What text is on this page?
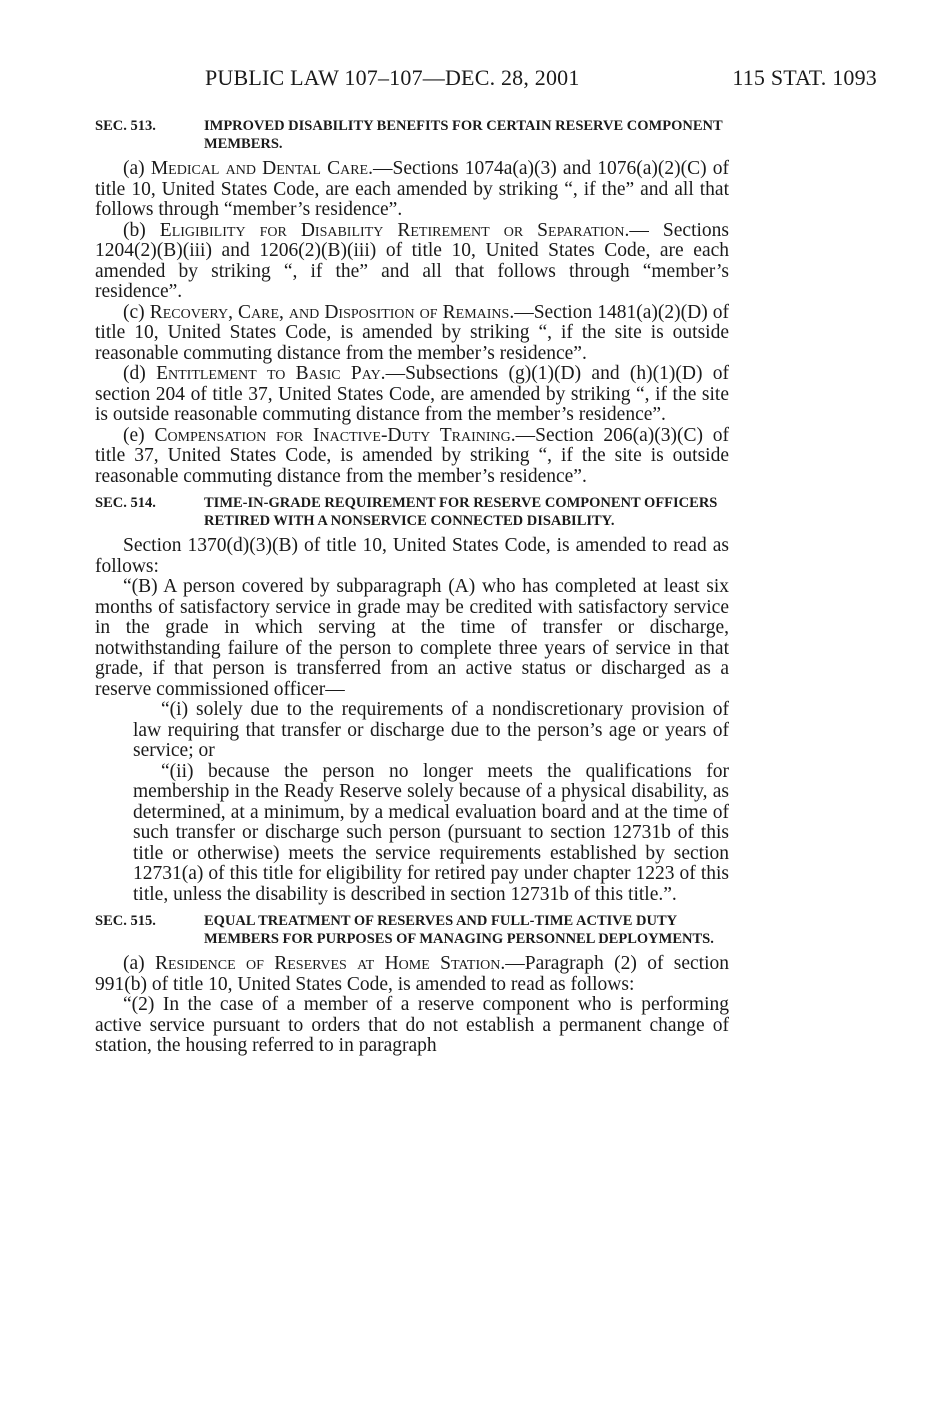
PUBLIC LAW 107–107—DEC. 28, 2001	115 STAT. 1093
SEC. 513.	IMPROVED DISABILITY BENEFITS FOR CERTAIN RESERVE COMPONENT MEMBERS.

(a) Medical and Dental Care.—Sections 1074a(a)(3) and 1076(a)(2)(C) of title 10, United States Code, are each amended by striking “, if the” and all that follows through “member’s residence”.

(b) Eligibility for Disability Retirement or Separation.— Sections 1204(2)(B)(iii) and 1206(2)(B)(iii) of title 10, United States Code, are each amended by striking “, if the” and all that follows through “member’s residence”.

(c) Recovery, Care, and Disposition of Remains.—Section 1481(a)(2)(D) of title 10, United States Code, is amended by striking “, if the site is outside reasonable commuting distance from the member’s residence”.

(d) Entitlement to Basic Pay.—Subsections (g)(1)(D) and (h)(1)(D) of section 204 of title 37, United States Code, are amended by striking “, if the site is outside reasonable commuting distance from the member’s residence”.

(e) Compensation for Inactive-Duty Training.—Section 206(a)(3)(C) of title 37, United States Code, is amended by striking “, if the site is outside reasonable commuting distance from the member’s residence”.

SEC. 514.	TIME-IN-GRADE REQUIREMENT FOR RESERVE COMPONENT OFFICERS RETIRED WITH A NONSERVICE CONNECTED DISABILITY.

Section 1370(d)(3)(B) of title 10, United States Code, is amended to read as follows:

“(B) A person covered by subparagraph (A) who has completed at least six months of satisfactory service in grade may be credited with satisfactory service in the grade in which serving at the time of transfer or discharge, notwithstanding failure of the person to complete three years of service in that grade, if that person is transferred from an active status or discharged as a reserve commissioned officer—

“(i) solely due to the requirements of a nondiscretionary provision of law requiring that transfer or discharge due to the person’s age or years of service; or

“(ii) because the person no longer meets the qualifications for membership in the Ready Reserve solely because of a physical disability, as determined, at a minimum, by a medical evaluation board and at the time of such transfer or discharge such person (pursuant to section 12731b of this title or otherwise) meets the service requirements established by section 12731(a) of this title for eligibility for retired pay under chapter 1223 of this title, unless the disability is described in section 12731b of this title.”.

SEC. 515.	EQUAL TREATMENT OF RESERVES AND FULL-TIME ACTIVE DUTY MEMBERS FOR PURPOSES OF MANAGING PERSONNEL DEPLOYMENTS.

(a) Residence of Reserves at Home Station.—Paragraph (2) of section 991(b) of title 10, United States Code, is amended to read as follows:

“(2) In the case of a member of a reserve component who is performing active service pursuant to orders that do not establish a permanent change of station, the housing referred to in paragraph
